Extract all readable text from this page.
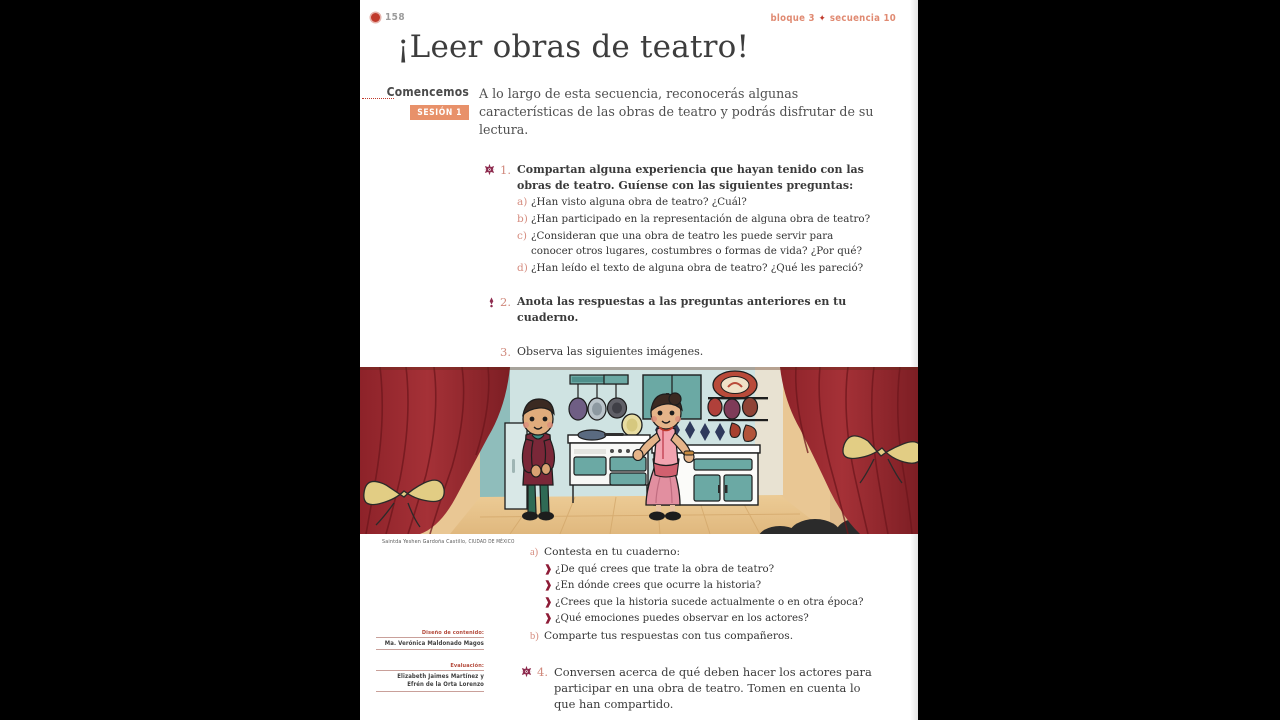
158	bloque 3 ✦ secuencia 10
¡Leer obras de teatro!
Comencemos
SESIÓN 1
A lo largo de esta secuencia, reconocerás algunas características de las obras de teatro y podrás disfrutar de su lectura.
1. Compartan alguna experiencia que hayan tenido con las obras de teatro. Guíense con las siguientes preguntas:
a) ¿Han visto alguna obra de teatro? ¿Cuál?
b) ¿Han participado en la representación de alguna obra de teatro?
c) ¿Consideran que una obra de teatro les puede servir para conocer otros lugares, costumbres o formas de vida? ¿Por qué?
d) ¿Han leído el texto de alguna obra de teatro? ¿Qué les pareció?
2. Anota las respuestas a las preguntas anteriores en tu cuaderno.
3. Observa las siguientes imágenes.
Saintda Yeshen Gardoña Castillo, CIUDAD DE MÉXICO
a) Contesta en tu cuaderno:
❱ ¿De qué crees que trate la obra de teatro?
❱ ¿En dónde crees que ocurre la historia?
❱ ¿Crees que la historia sucede actualmente o en otra época?
❱ ¿Qué emociones puedes observar en los actores?
b) Comparte tus respuestas con tus compañeros.
4. Conversen acerca de qué deben hacer los actores para participar en una obra de teatro. Tomen en cuenta lo que han compartido.
Diseño de contenido:
Ma. Verónica Maldonado Magos
Evaluación:
Elizabeth Jaimes Martínez y
Efrén de la Orta Lorenzo
